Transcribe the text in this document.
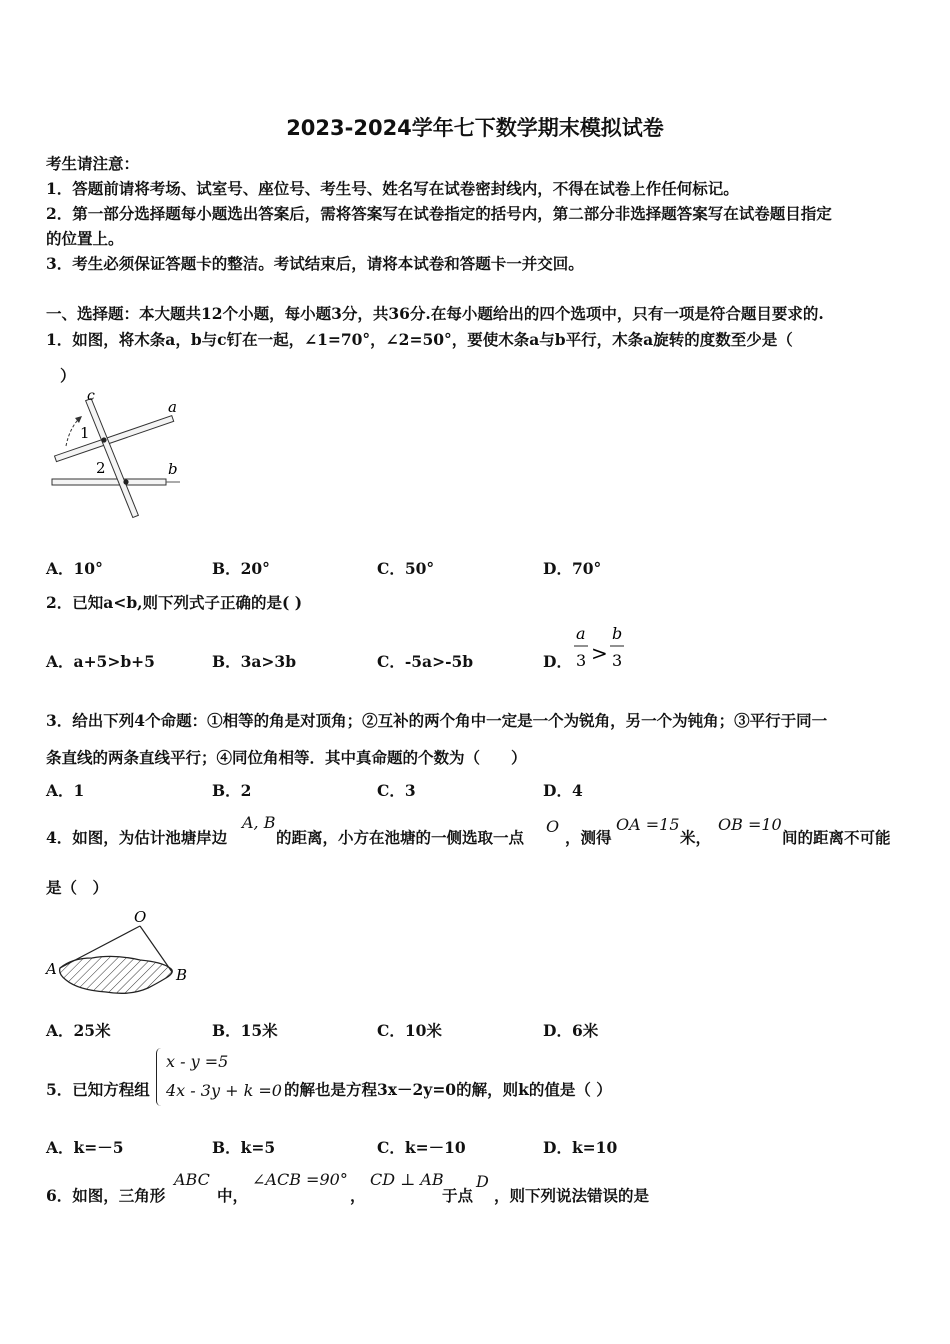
2023-2024学年七下数学期末模拟试卷
考生请注意：
1．答题前请将考场、试室号、座位号、考生号、姓名写在试卷密封线内，不得在试卷上作任何标记。
2．第一部分选择题每小题选出答案后，需将答案写在试卷指定的括号内，第二部分非选择题答案写在试卷题目指定
的位置上。
3．考生必须保证答题卡的整洁。考试结束后，请将本试卷和答题卡一并交回。
一、选择题：本大题共12个小题，每小题3分，共36分.在每小题给出的四个选项中，只有一项是符合题目要求的.
1．如图，将木条a，b与c钉在一起，∠1=70°，∠2=50°，要使木条a与b平行，木条a旋转的度数至少是（
）
c
a
b
1
2
A．10°	B．20°	C．50°	D．70°
2．已知a<b,则下列式子正确的是( )
A．a+5>b+5	B．3a>3b	C．-5a>-5b	D．
a
3 >
b
3
3．给出下列4个命题：①相等的角是对顶角；②互补的两个角中一定是一个为锐角，另一个为钝角；③平行于同一
条直线的两条直线平行；④同位角相等．其中真命题的个数为（　　）
A．1	B．2	C．3	D．4
4．如图，为估计池塘岸边
A, B
的距离，小方在池塘的一侧选取一点
O
，测得
OA =15
米，
OB =10
间的距离不可能
是（　）
O
A	B
A．25米	B．15米	C．10米	D．6米
5．已知方程组
x - y =5
4x - 3y + k =0 的解也是方程3x－2y=0的解，则k的值是（ ）
A．k=－5	B．k=5	C．k=－10	D．k=10
6．如图，三角形
ABC
中，
∠ACB =90°
，
CD ⊥ AB
于点
D
，则下列说法错误的是
